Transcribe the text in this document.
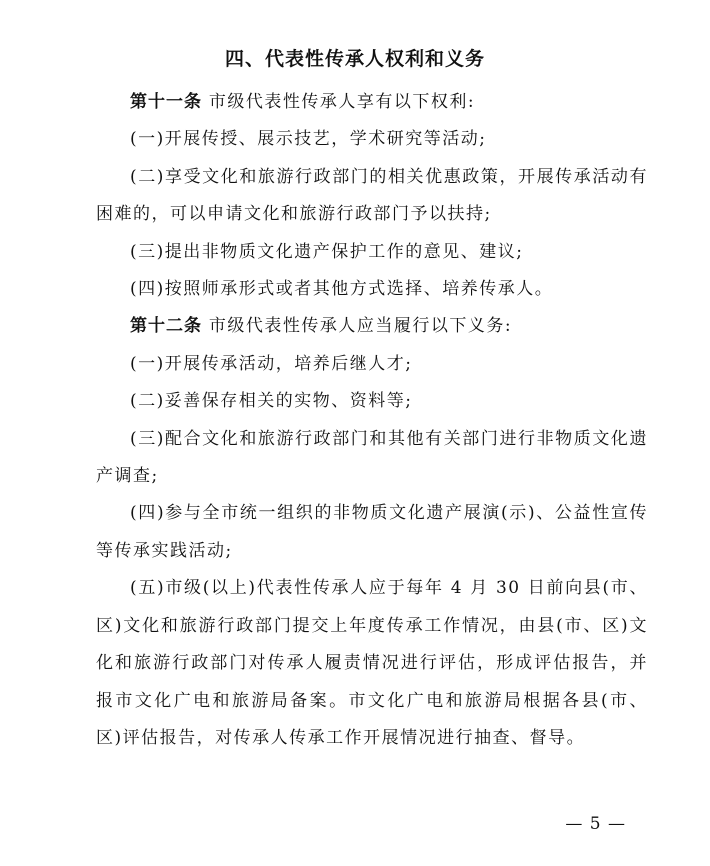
四、代表性传承人权利和义务

第十一条 市级代表性传承人享有以下权利:

(一)开展传授、展示技艺，学术研究等活动;

(二)享受文化和旅游行政部门的相关优惠政策，开展传承活动有困难的，可以申请文化和旅游行政部门予以扶持;

(三)提出非物质文化遗产保护工作的意见、建议;

(四)按照师承形式或者其他方式选择、培养传承人。

第十二条 市级代表性传承人应当履行以下义务:

(一)开展传承活动，培养后继人才;

(二)妥善保存相关的实物、资料等;

(三)配合文化和旅游行政部门和其他有关部门进行非物质文化遗产调查;

(四)参与全市统一组织的非物质文化遗产展演(示)、公益性宣传等传承实践活动;

(五)市级(以上)代表性传承人应于每年 4 月 30 日前向县(市、区)文化和旅游行政部门提交上年度传承工作情况，由县(市、区)文化和旅游行政部门对传承人履责情况进行评估，形成评估报告，并报市文化广电和旅游局备案。市文化广电和旅游局根据各县(市、区)评估报告，对传承人传承工作开展情况进行抽查、督导。

— 5 —
